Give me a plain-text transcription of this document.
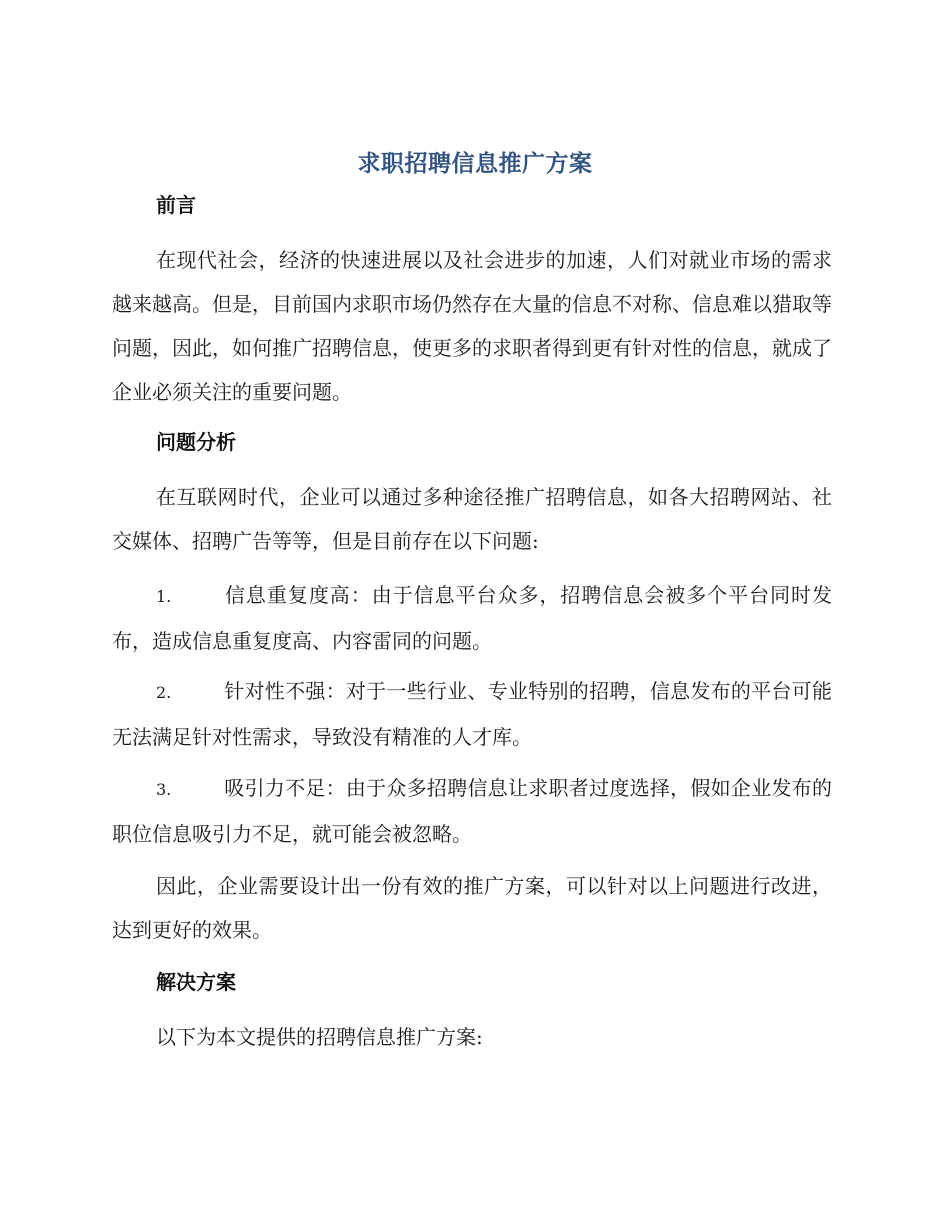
求职招聘信息推广方案
前言
在现代社会，经济的快速进展以及社会进步的加速，人们对就业市场的需求越来越高。但是，目前国内求职市场仍然存在大量的信息不对称、信息难以猎取等问题，因此，如何推广招聘信息，使更多的求职者得到更有针对性的信息，就成了企业必须关注的重要问题。
问题分析
在互联网时代，企业可以通过多种途径推广招聘信息，如各大招聘网站、社交媒体、招聘广告等等，但是目前存在以下问题:
1.	信息重复度高：由于信息平台众多，招聘信息会被多个平台同时发布，造成信息重复度高、内容雷同的问题。
2.	针对性不强：对于一些行业、专业特别的招聘，信息发布的平台可能无法满足针对性需求，导致没有精准的人才库。
3.	吸引力不足：由于众多招聘信息让求职者过度选择，假如企业发布的职位信息吸引力不足，就可能会被忽略。
因此，企业需要设计出一份有效的推广方案，可以针对以上问题进行改进，达到更好的效果。
解决方案
以下为本文提供的招聘信息推广方案:
